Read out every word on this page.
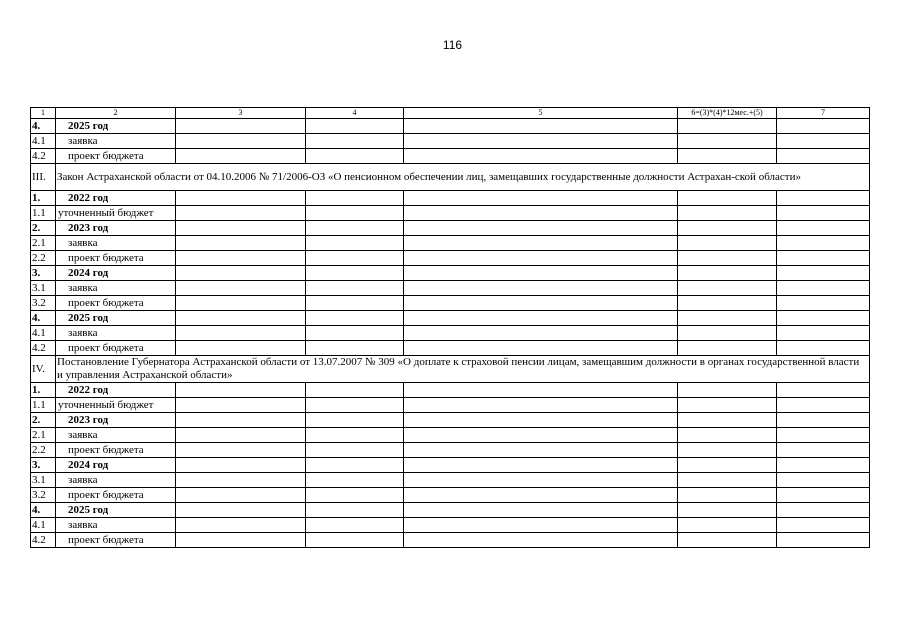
116
1	2	3	4	5	6=(3)*(4)*12мес.+(5)	7
4.	2025 год					
4.1	заявка					
4.2	проект бюджета					
III.	Закон Астраханской области от 04.10.2006 № 71/2006-ОЗ «О пенсионном обеспечении лиц, замещавших государственные должности Астрахан-ской области»					
1.	2022 год					
1.1	уточненный бюджет					
2.	2023 год					
2.1	заявка					
2.2	проект бюджета					
3.	2024 год					
3.1	заявка					
3.2	проект бюджета					
4.	2025 год					
4.1	заявка					
4.2	проект бюджета					
IV.	Постановление Губернатора Астраханской области от 13.07.2007 № 309 «О доплате к страховой пенсии лицам, замещавшим должности в органах государственной власти и управления Астраханской области»					
1.	2022 год					
1.1	уточненный бюджет					
2.	2023 год					
2.1	заявка					
2.2	проект бюджета					
3.	2024 год					
3.1	заявка					
3.2	проект бюджета					
4.	2025 год					
4.1	заявка					
4.2	проект бюджета					
